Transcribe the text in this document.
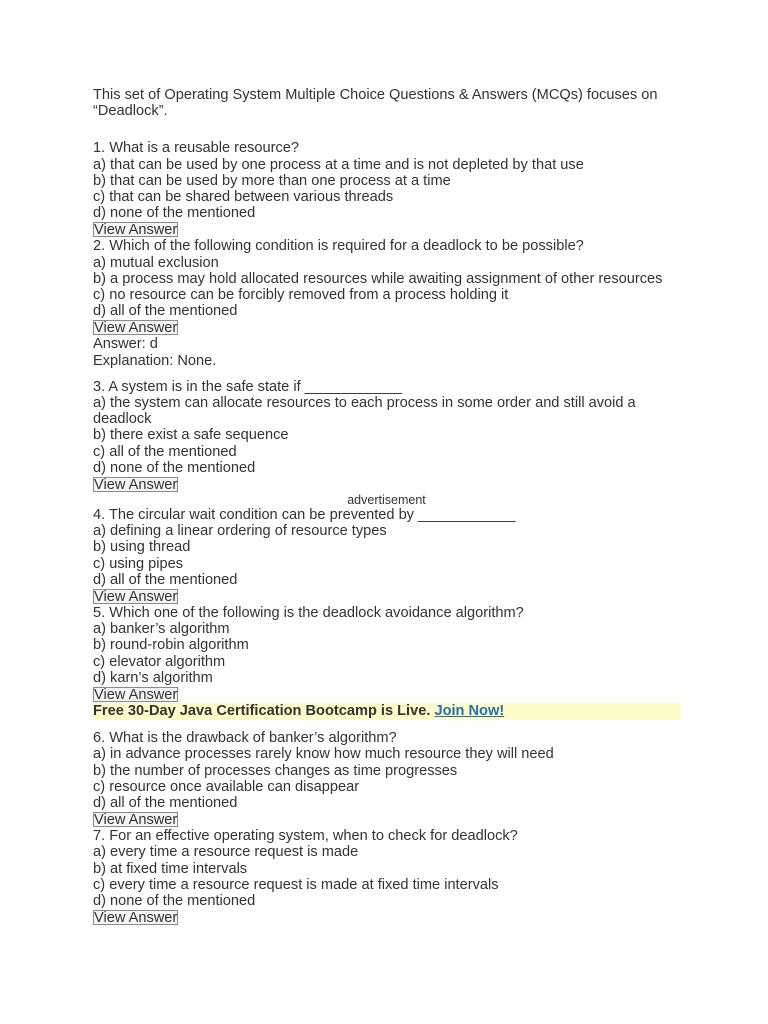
This set of Operating System Multiple Choice Questions & Answers (MCQs) focuses on “Deadlock”.

1. What is a reusable resource?
a) that can be used by one process at a time and is not depleted by that use
b) that can be used by more than one process at a time
c) that can be shared between various threads
d) none of the mentioned
View Answer
2. Which of the following condition is required for a deadlock to be possible?
a) mutual exclusion
b) a process may hold allocated resources while awaiting assignment of other resources
c) no resource can be forcibly removed from a process holding it
d) all of the mentioned
View Answer
Answer: d
Explanation: None.
3. A system is in the safe state if ____________
a) the system can allocate resources to each process in some order and still avoid a deadlock
b) there exist a safe sequence
c) all of the mentioned
d) none of the mentioned
View Answer
advertisement
4. The circular wait condition can be prevented by ____________
a) defining a linear ordering of resource types
b) using thread
c) using pipes
d) all of the mentioned
View Answer
5. Which one of the following is the deadlock avoidance algorithm?
a) banker’s algorithm
b) round-robin algorithm
c) elevator algorithm
d) karn’s algorithm
View Answer
Free 30-Day Java Certification Bootcamp is Live. Join Now!
6. What is the drawback of banker’s algorithm?
a) in advance processes rarely know how much resource they will need
b) the number of processes changes as time progresses
c) resource once available can disappear
d) all of the mentioned
View Answer
7. For an effective operating system, when to check for deadlock?
a) every time a resource request is made
b) at fixed time intervals
c) every time a resource request is made at fixed time intervals
d) none of the mentioned
View Answer
